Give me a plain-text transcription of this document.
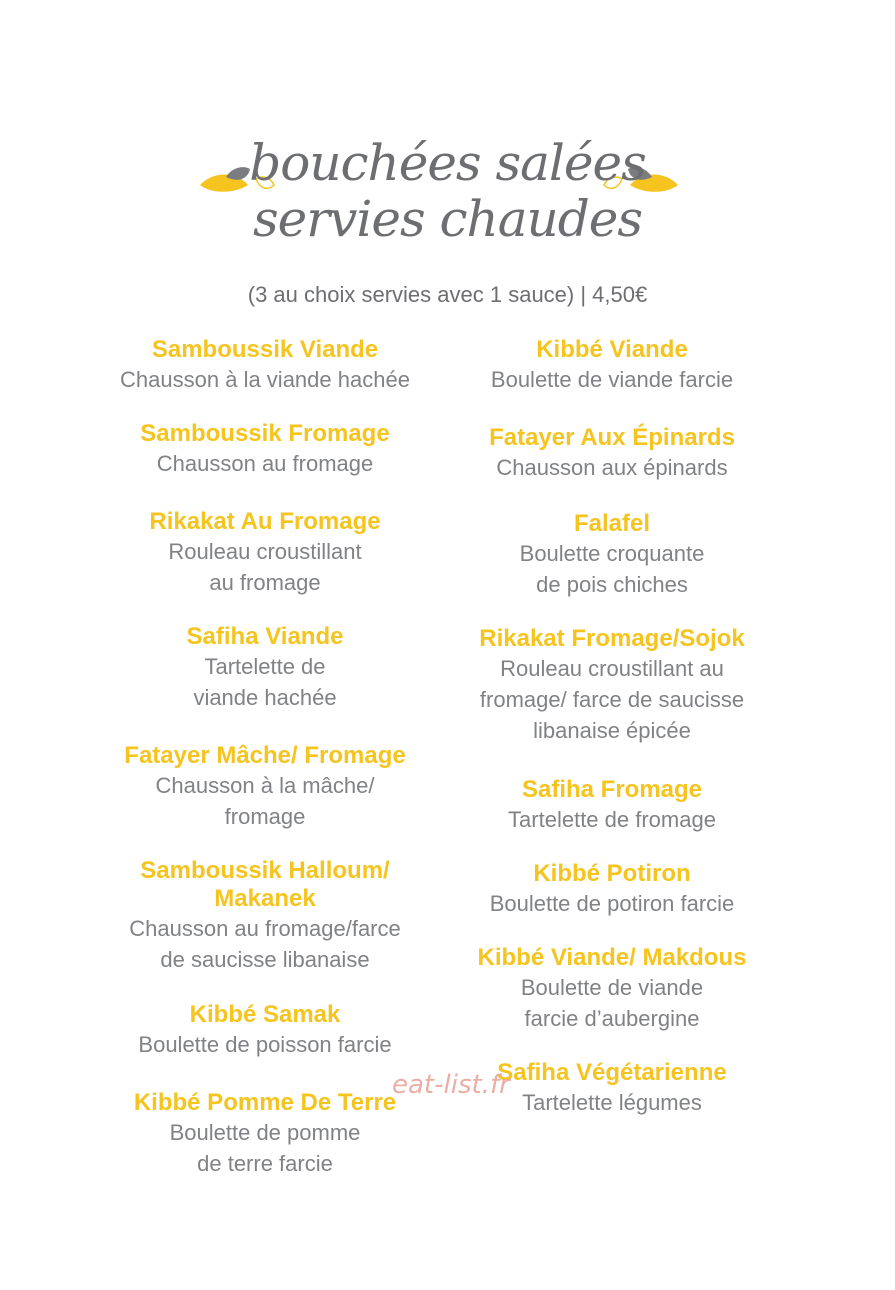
bouchées salées
servies chaudes
(3 au choix servies avec 1 sauce) | 4,50€
Samboussik Viande
Chausson à la viande hachée
Samboussik Fromage
Chausson au fromage
Rikakat Au Fromage
Rouleau croustillant
au fromage
Safiha Viande
Tartelette de
viande hachée
Fatayer Mâche/ Fromage
Chausson à la mâche/
fromage
Samboussik Halloum/
Makanek
Chausson au fromage/farce
de saucisse libanaise
Kibbé Samak
Boulette de poisson farcie
Kibbé Pomme De Terre
Boulette de pomme
de terre farcie
Kibbé Viande
Boulette de viande farcie
Fatayer Aux Épinards
Chausson aux épinards
Falafel
Boulette croquante
de pois chiches
Rikakat Fromage/Sojok
Rouleau croustillant au
fromage/ farce de saucisse
libanaise épicée
Safiha Fromage
Tartelette de fromage
Kibbé Potiron
Boulette de potiron farcie
Kibbé Viande/ Makdous
Boulette de viande
farcie d’aubergine
Safiha Végétarienne
Tartelette légumes
eat-list.fr
